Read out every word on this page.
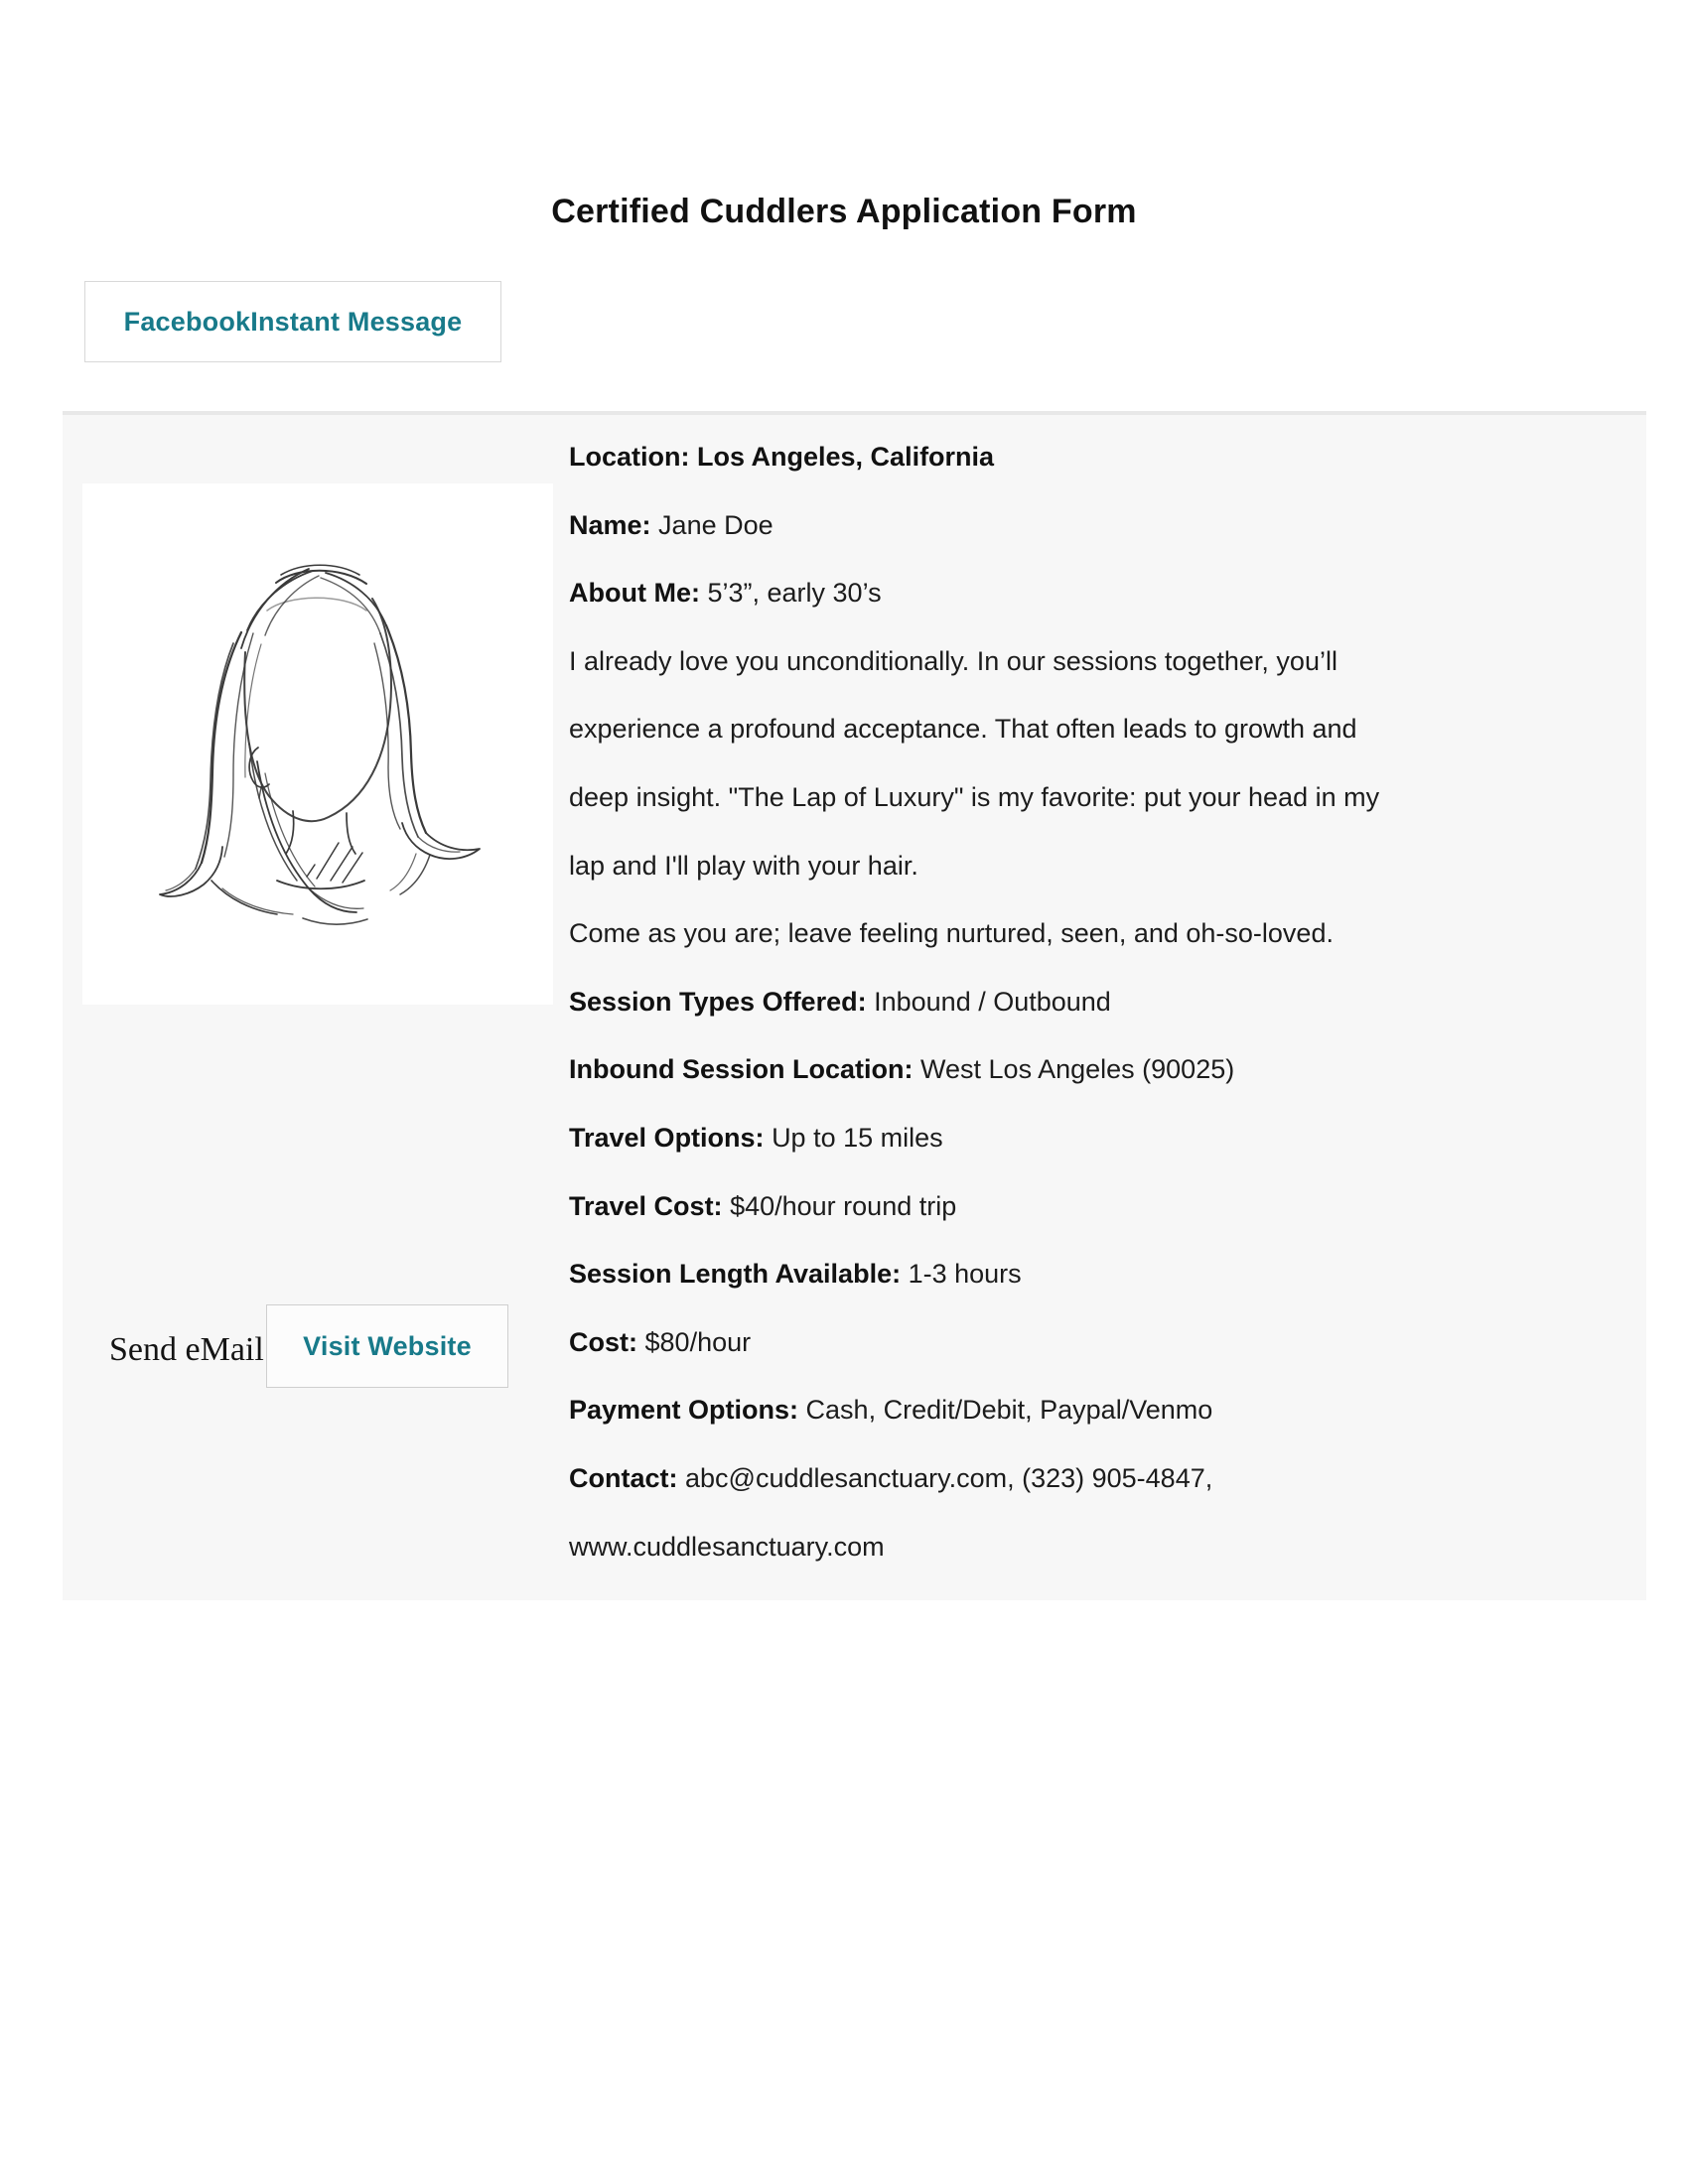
Certified Cuddlers Application Form
FacebookInstant Message
Location: Los Angeles, California
Name: Jane Doe
About Me: 5’3”, early 30’s
I already love you unconditionally. In our sessions together, you’ll
experience a profound acceptance. That often leads to growth and
deep insight. "The Lap of Luxury" is my favorite: put your head in my
lap and I'll play with your hair.
Come as you are; leave feeling nurtured, seen, and oh-so-loved.
Session Types Offered: Inbound / Outbound
Inbound Session Location: West Los Angeles (90025)
Travel Options: Up to 15 miles
Travel Cost: $40/hour round trip
Session Length Available: 1-3 hours
Cost: $80/hour
Payment Options: Cash, Credit/Debit, Paypal/Venmo
Contact: abc@cuddlesanctuary.com, (323) 905-4847,
www.cuddlesanctuary.com
Send eMail Visit Website
